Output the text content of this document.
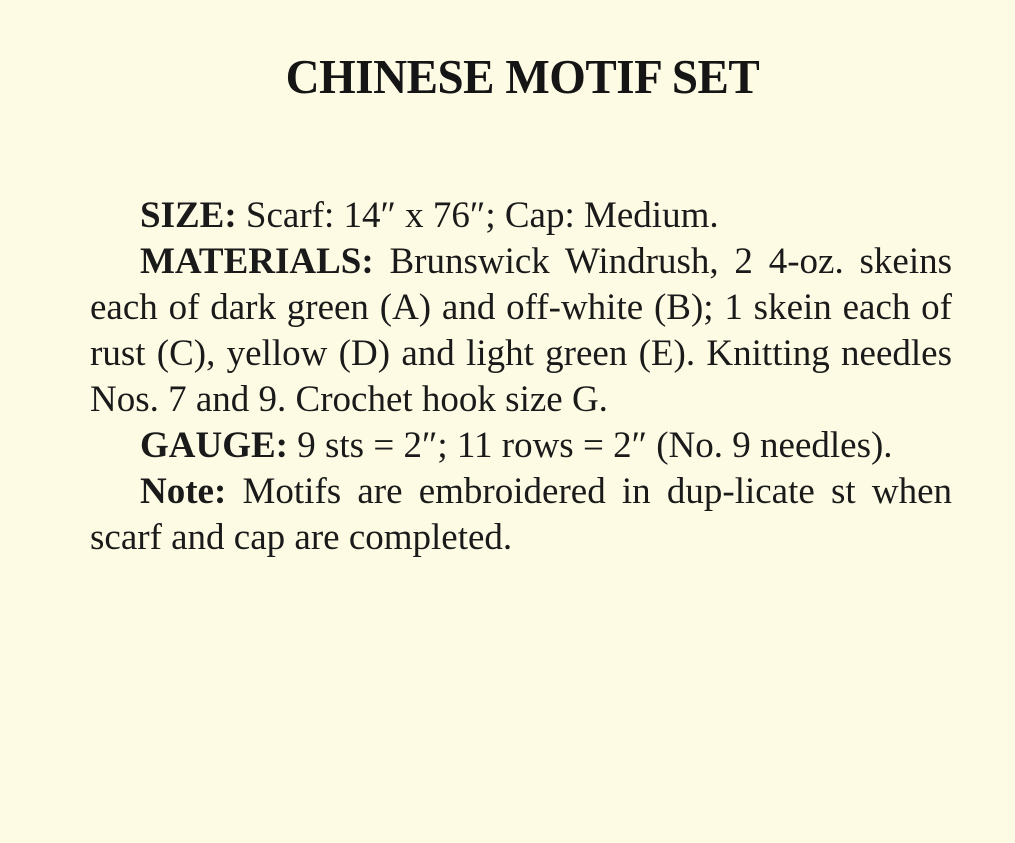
CHINESE MOTIF SET

SIZE: Scarf: 14″ x 76″; Cap: Medium.

MATERIALS: Brunswick Windrush, 2 4-oz. skeins each of dark green (A) and off-white (B); 1 skein each of rust (C), yellow (D) and light green (E). Knitting needles Nos. 7 and 9. Crochet hook size G.

GAUGE: 9 sts = 2″; 11 rows = 2″ (No. 9 needles).

Note: Motifs are embroidered in dup-licate st when scarf and cap are completed.
